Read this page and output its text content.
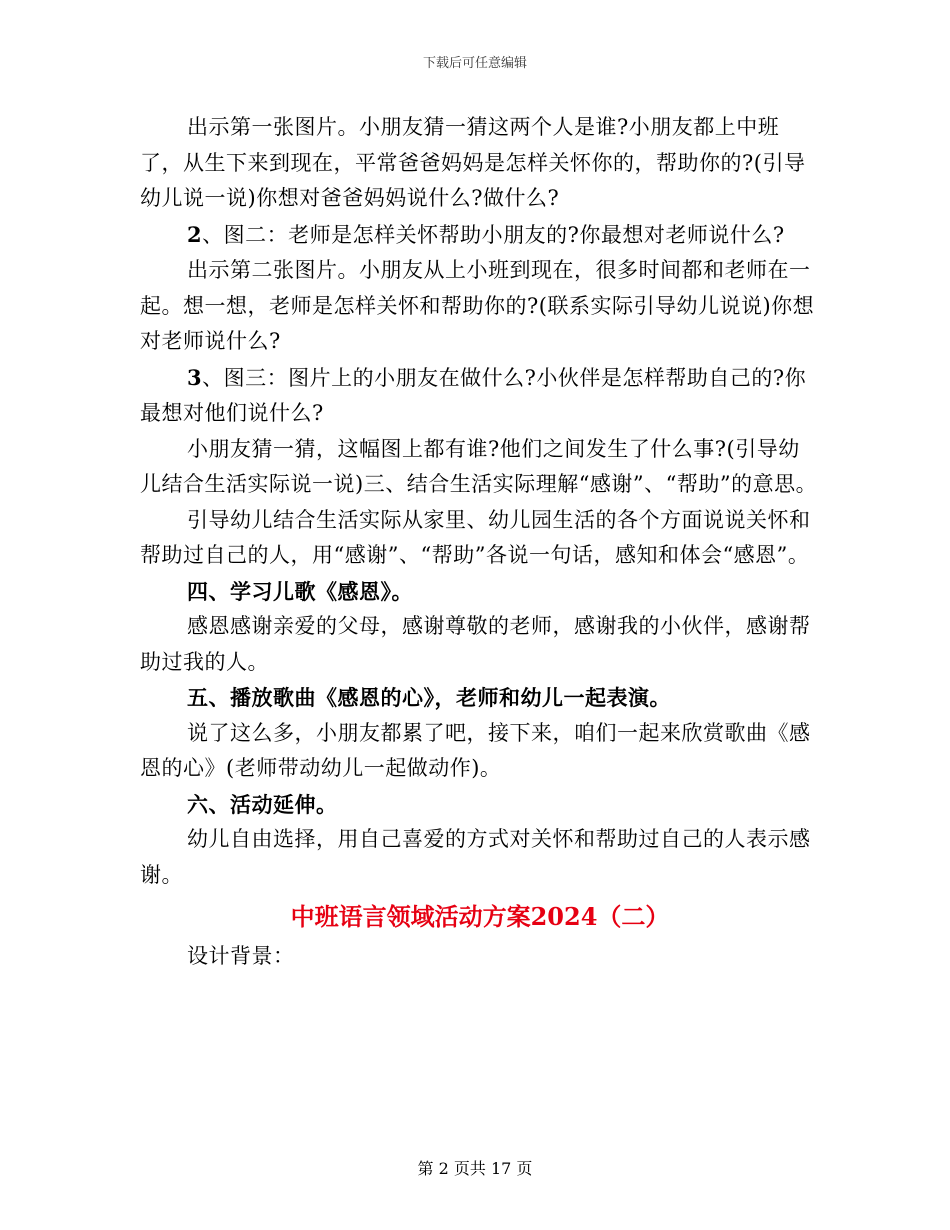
下载后可任意编辑

出示第一张图片。小朋友猜一猜这两个人是谁?小朋友都上中班了，从生下来到现在，平常爸爸妈妈是怎样关怀你的，帮助你的?(引导幼儿说一说)你想对爸爸妈妈说什么?做什么?

2、图二：老师是怎样关怀帮助小朋友的?你最想对老师说什么?

出示第二张图片。小朋友从上小班到现在，很多时间都和老师在一起。想一想，老师是怎样关怀和帮助你的?(联系实际引导幼儿说说)你想对老师说什么?

3、图三：图片上的小朋友在做什么?小伙伴是怎样帮助自己的?你最想对他们说什么?

小朋友猜一猜，这幅图上都有谁?他们之间发生了什么事?(引导幼儿结合生活实际说一说)三、结合生活实际理解“感谢”、“帮助”的意思。

引导幼儿结合生活实际从家里、幼儿园生活的各个方面说说关怀和帮助过自己的人，用“感谢”、“帮助”各说一句话，感知和体会“感恩”。

四、学习儿歌《感恩》。

感恩感谢亲爱的父母，感谢尊敬的老师，感谢我的小伙伴，感谢帮助过我的人。

五、播放歌曲《感恩的心》，老师和幼儿一起表演。

说了这么多，小朋友都累了吧，接下来，咱们一起来欣赏歌曲《感恩的心》(老师带动幼儿一起做动作)。

六、活动延伸。

幼儿自由选择，用自己喜爱的方式对关怀和帮助过自己的人表示感谢。

中班语言领域活动方案2024（二）

设计背景：

第 2 页共 17 页
